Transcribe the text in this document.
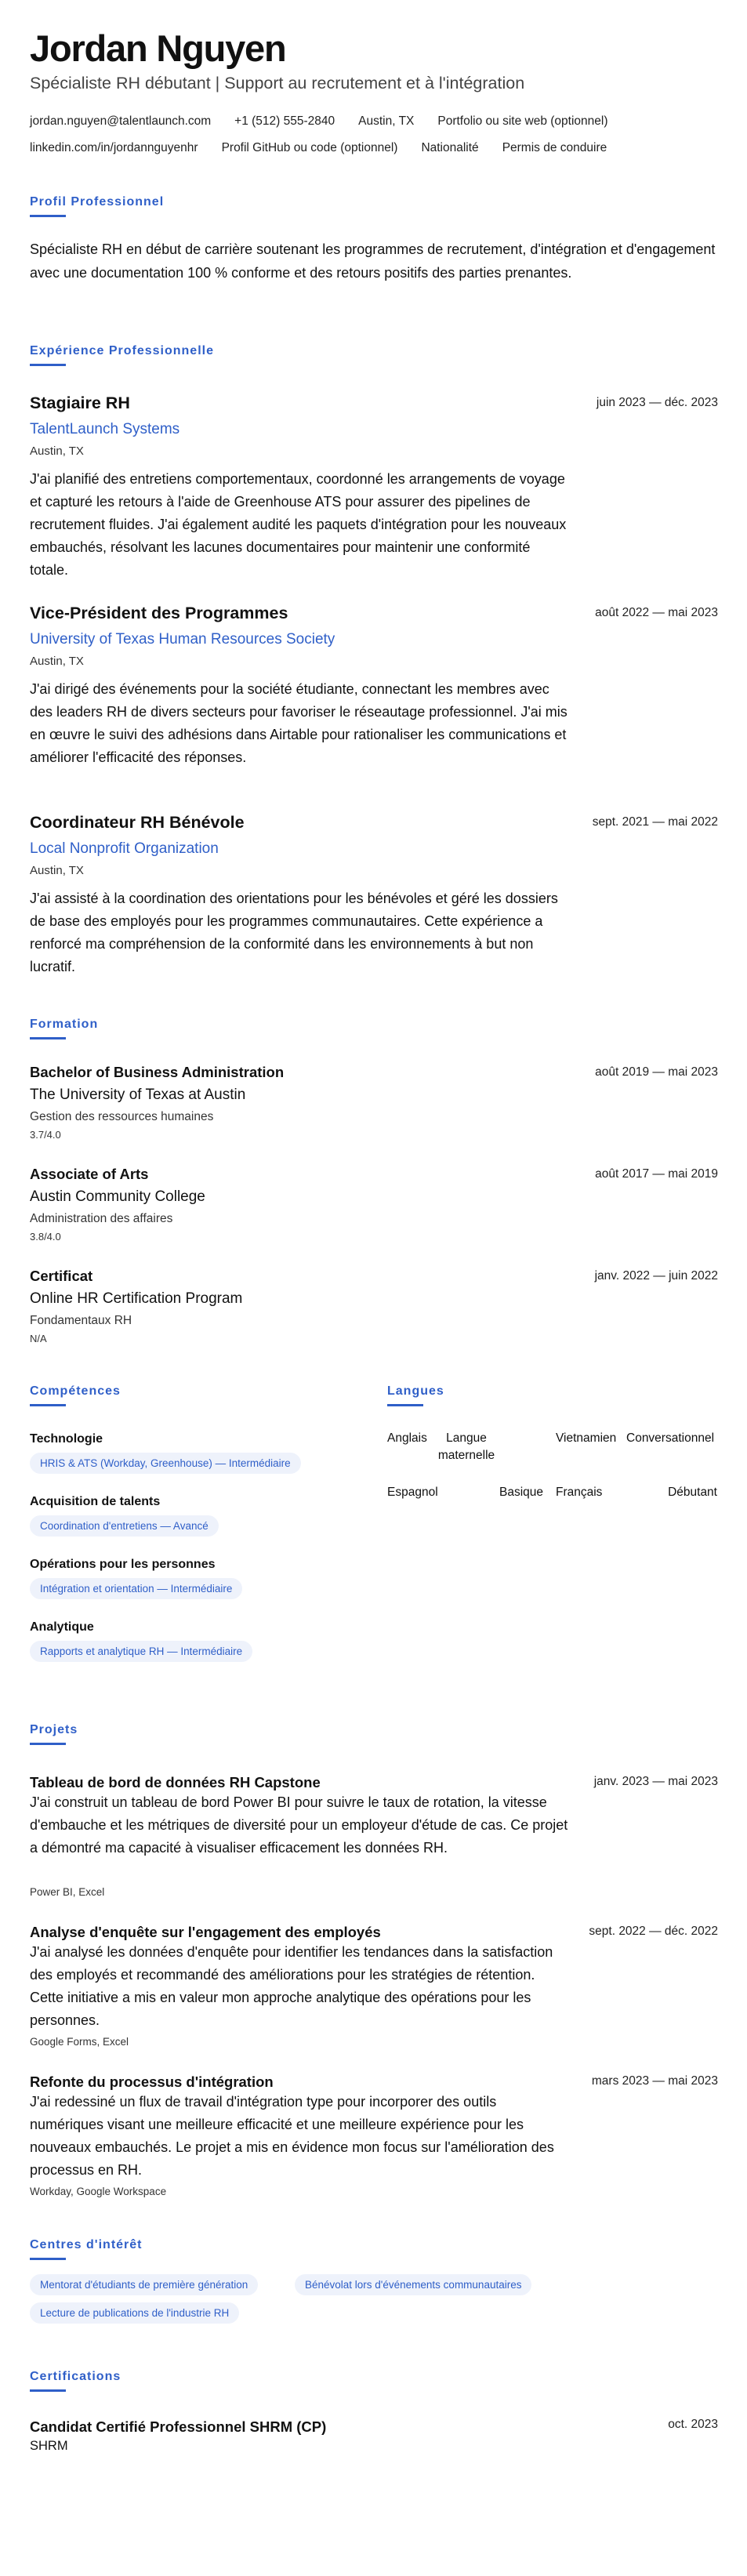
Jordan Nguyen
Spécialiste RH débutant | Support au recrutement et à l'intégration
jordan.nguyen@talentlaunch.com +1 (512) 555-2840 Austin, TX Portfolio ou site web (optionnel)
linkedin.com/in/jordannguyenhr Profil GitHub ou code (optionnel) Nationalité Permis de conduire
Profil Professionnel
Spécialiste RH en début de carrière soutenant les programmes de recrutement, d'intégration et d'engagement avec une documentation 100 % conforme et des retours positifs des parties prenantes.
Expérience Professionnelle
Stagiaire RH	juin 2023 — déc. 2023
TalentLaunch Systems
Austin, TX
J'ai planifié des entretiens comportementaux, coordonné les arrangements de voyage et capturé les retours à l'aide de Greenhouse ATS pour assurer des pipelines de recrutement fluides. J'ai également audité les paquets d'intégration pour les nouveaux embauchés, résolvant les lacunes documentaires pour maintenir une conformité totale.
Vice-Président des Programmes	août 2022 — mai 2023
University of Texas Human Resources Society
Austin, TX
J'ai dirigé des événements pour la société étudiante, connectant les membres avec des leaders RH de divers secteurs pour favoriser le réseautage professionnel. J'ai mis en œuvre le suivi des adhésions dans Airtable pour rationaliser les communications et améliorer l'efficacité des réponses.
Coordinateur RH Bénévole	sept. 2021 — mai 2022
Local Nonprofit Organization
Austin, TX
J'ai assisté à la coordination des orientations pour les bénévoles et géré les dossiers de base des employés pour les programmes communautaires. Cette expérience a renforcé ma compréhension de la conformité dans les environnements à but non lucratif.
Formation
Bachelor of Business Administration	août 2019 — mai 2023
The University of Texas at Austin
Gestion des ressources humaines
3.7/4.0
Associate of Arts	août 2017 — mai 2019
Austin Community College
Administration des affaires
3.8/4.0
Certificat	janv. 2022 — juin 2022
Online HR Certification Program
Fondamentaux RH
N/A
Compétences
Technologie
HRIS & ATS (Workday, Greenhouse) — Intermédiaire
Acquisition de talents
Coordination d'entretiens — Avancé
Opérations pour les personnes
Intégration et orientation — Intermédiaire
Analytique
Rapports et analytique RH — Intermédiaire
Langues
Anglais	Langue maternelle
Vietnamien Conversationnel
Espagnol	Basique	Français	Débutant
Projets
Tableau de bord de données RH Capstone	janv. 2023 — mai 2023
J'ai construit un tableau de bord Power BI pour suivre le taux de rotation, la vitesse d'embauche et les métriques de diversité pour un employeur d'étude de cas. Ce projet a démontré ma capacité à visualiser efficacement les données RH.
Power BI, Excel
Analyse d'enquête sur l'engagement des employés	sept. 2022 — déc. 2022
J'ai analysé les données d'enquête pour identifier les tendances dans la satisfaction des employés et recommandé des améliorations pour les stratégies de rétention. Cette initiative a mis en valeur mon approche analytique des opérations pour les personnes.
Google Forms, Excel
Refonte du processus d'intégration	mars 2023 — mai 2023
J'ai redessiné un flux de travail d'intégration type pour incorporer des outils numériques visant une meilleure efficacité et une meilleure expérience pour les nouveaux embauchés. Le projet a mis en évidence mon focus sur l'amélioration des processus en RH.
Workday, Google Workspace
Centres d'intérêt
Mentorat d'étudiants de première génération	Bénévolat lors d'événements communautaires
Lecture de publications de l'industrie RH
Certifications
Candidat Certifié Professionnel SHRM (CP)	oct. 2023
SHRM
